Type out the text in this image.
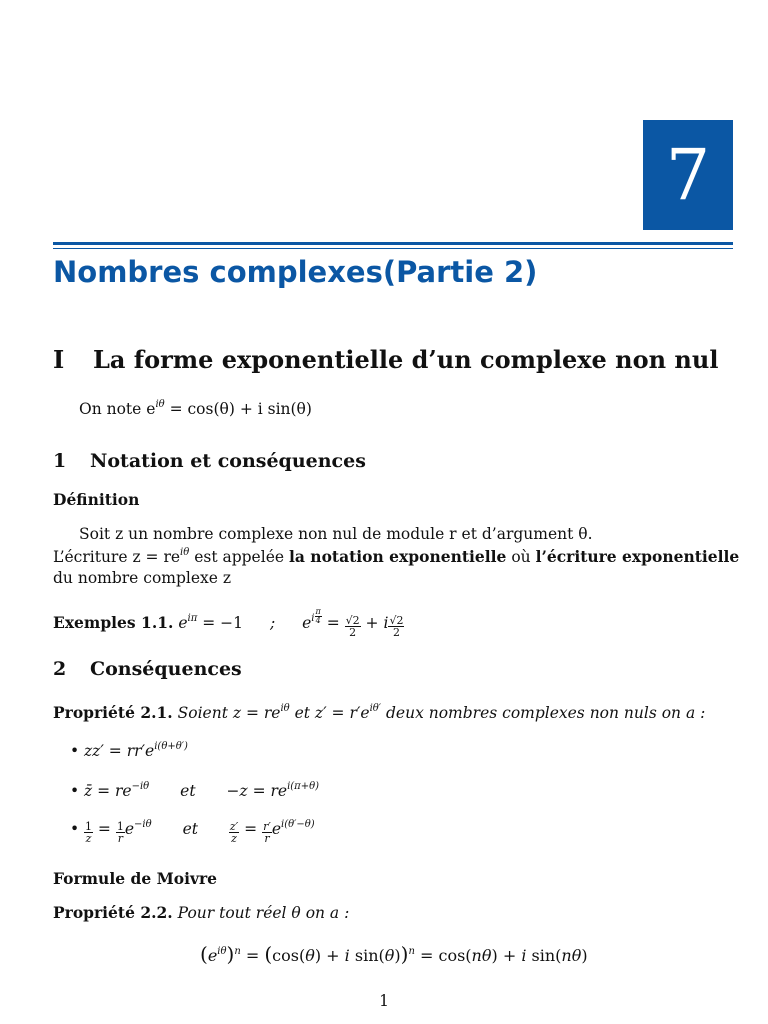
7
Nombres complexes(Partie 2)
I La forme exponentielle d’un complexe non nul
On note $e^{i\theta} = \cos(\theta) + i$ sin(θ)
1 Notation et conséquences
Définition
Soit z un nombre complexe non nul de module r et d’argument θ.
L’écriture $z = re^{i\theta}$ est appelée la notation exponentielle où l’écriture exponentielle
du nombre complexe z
Exemples 1.1. $e^{i\pi} = -1$ ; $e^{i \frac{\pi}{4}} = \frac{√2}{2} + i \frac{√2}{2}$
2 Conséquences
Propriété 2.1. Soient $z = re^{i\theta}$ et $z' = r'e^{i\theta'}$ deux nombres complexes non nuls on a :
• $zz' = rr'e^{i(\theta+\theta')}$
• z̄ = $re^{-i\theta}$ et $-z = re^{i(\pi+\theta)}$
• $\frac{1}{z} = \frac{1}{r} e^{-i\theta}$ et	$\frac{z'}{z} = \frac{r'}{r} e^{i(\theta'-\theta)}$
Formule de Moivre
Propriété 2.2. Pour tout réel θ on a :
$(e^{i\theta})^n = (\cos(\theta) + i$ sin(θ))$^n$ = cos(nθ) + i sin(nθ)
1
